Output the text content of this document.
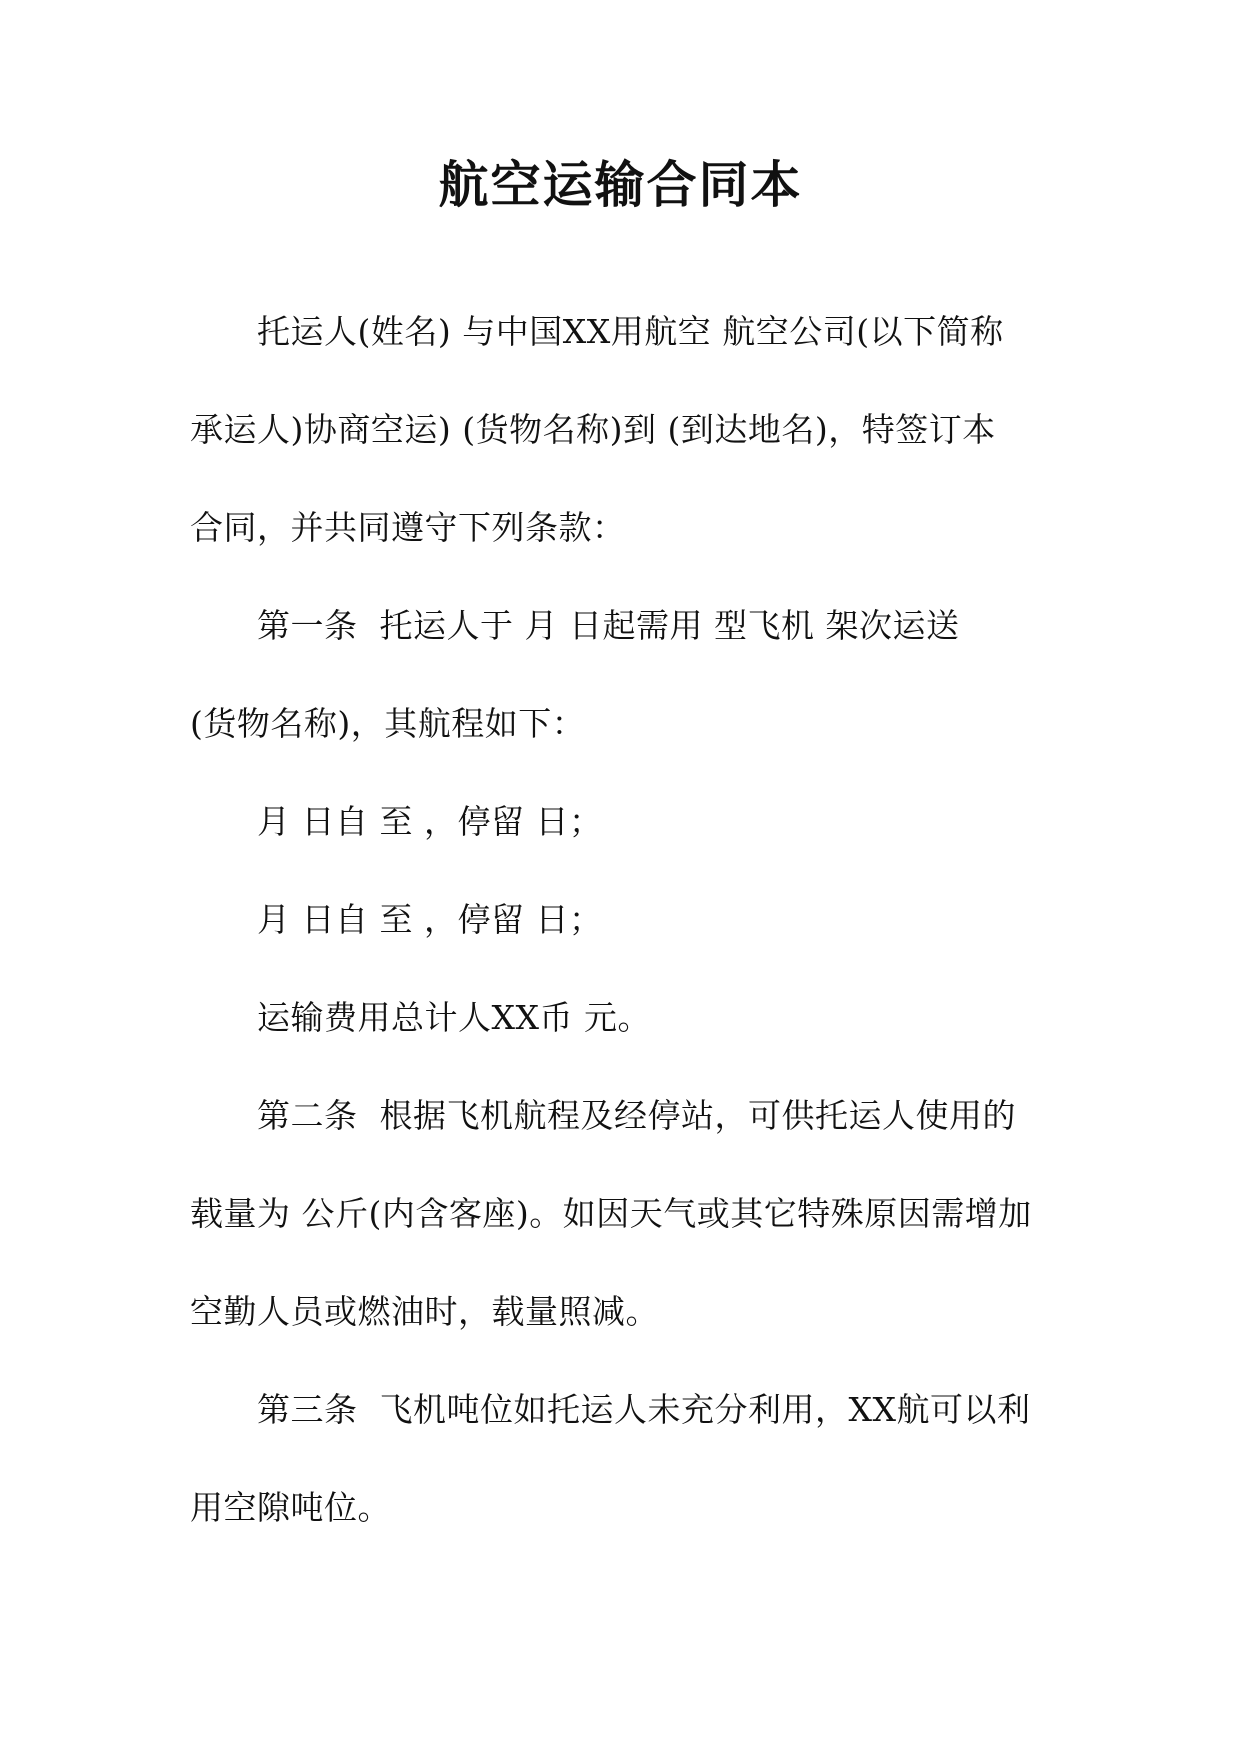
航空运输合同本
托运人(姓名) 与中国XX用航空 航空公司(以下简称
承运人)协商空运) (货物名称)到 (到达地名)，特签订本
合同，并共同遵守下列条款：
第一条  托运人于 月 日起需用 型飞机 架次运送
(货物名称)，其航程如下：
月 日自 至 ，停留 日；
月 日自 至 ，停留 日；
运输费用总计人XX币 元。
第二条  根据飞机航程及经停站，可供托运人使用的
载量为 公斤(内含客座)。如因天气或其它特殊原因需增加
空勤人员或燃油时，载量照减。
第三条  飞机吨位如托运人未充分利用，XX航可以利
用空隙吨位。
